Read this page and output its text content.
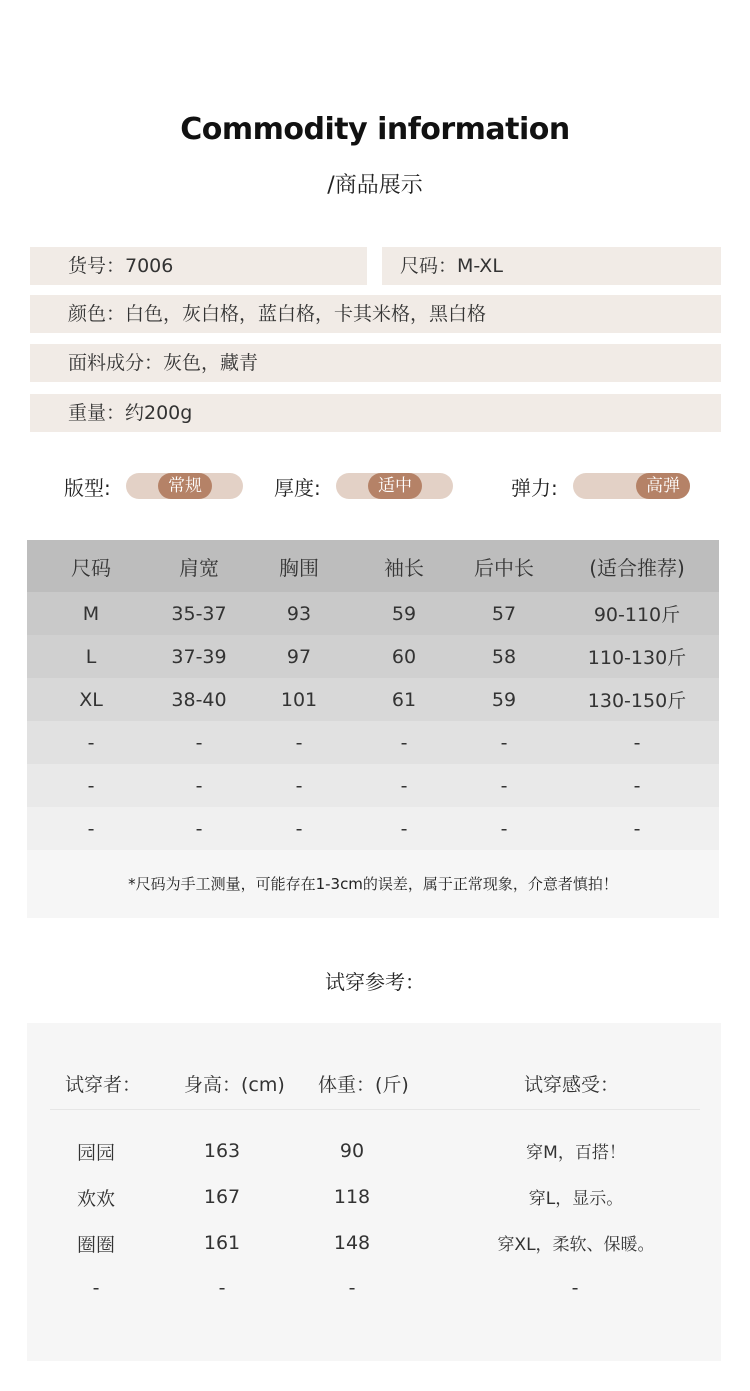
Commodity information
/商品展示
货号：7006	尺码：M-XL
颜色：白色，灰白格，蓝白格，卡其米格，黑白格
面料成分：灰色，藏青
重量：约200g
版型:	常规	厚度:	适中	弹力:	高弹
尺码	肩宽	胸围	袖长	后中长	(适合推荐)
M	35-37	93	59	57	90-110斤
L	37-39	97	60	58	110-130斤
XL	38-40	101	61	59	130-150斤
-	-	-	-	-	-
-	-	-	-	-	-
-	-	-	-	-	-
*尺码为手工测量，可能存在1-3cm的误差，属于正常现象，介意者慎拍！
试穿参考：
试穿者： 身高：(cm) 体重：(斤)	试穿感受：
园园	163	90	穿M，百搭！
欢欢	167	118	穿L，显示。
圈圈	161	148	穿XL，柔软、保暖。
-	-	-	-
